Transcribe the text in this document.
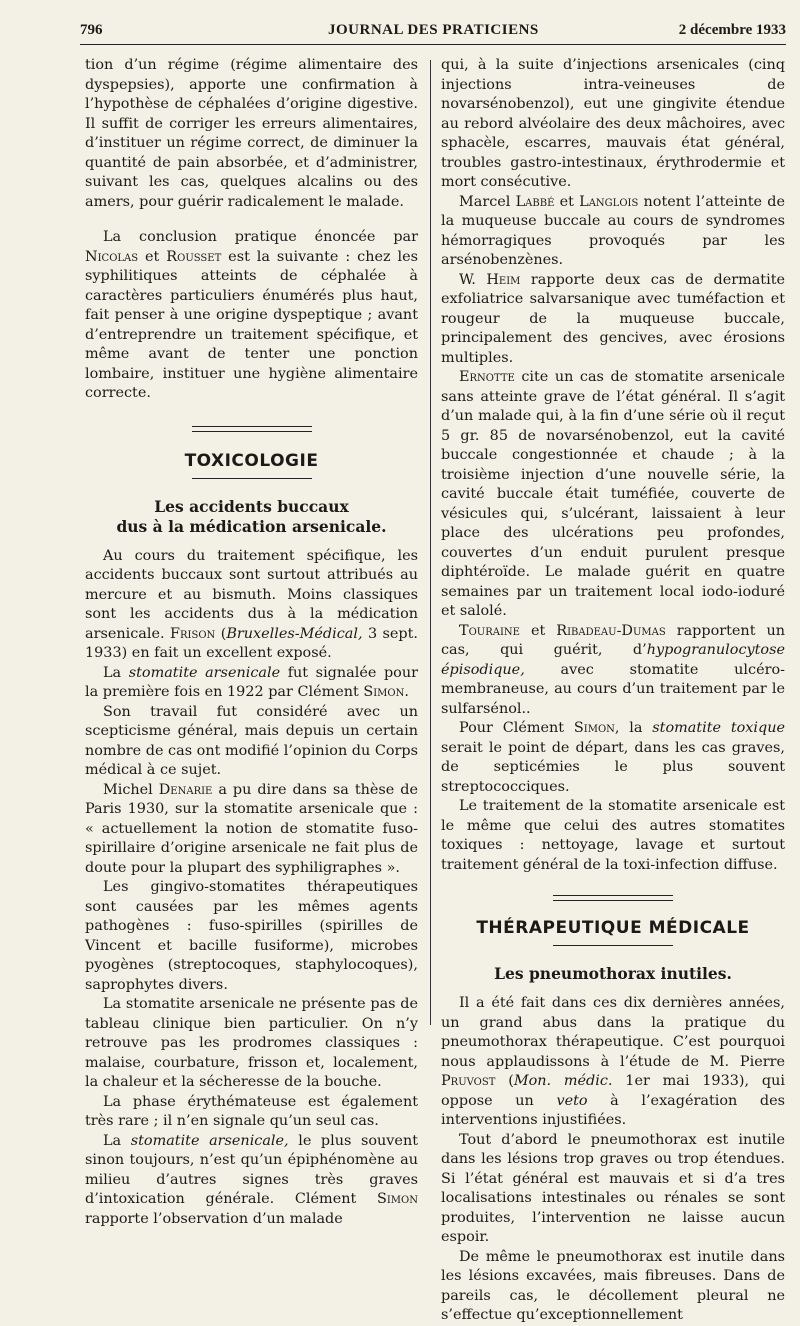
796	JOURNAL DES PRATICIENS	2 décembre 1933

tion d’un régime (régime alimentaire des dyspepsies), apporte une confirmation à l’hypothèse de céphalées d’origine digestive. Il suffit de corriger les erreurs alimentaires, d’instituer un régime correct, de diminuer la quantité de pain absorbée, et d’administrer, suivant les cas, quelques alcalins ou des amers, pour guérir radicalement le malade.

La conclusion pratique énoncée par Nicolas et Rousset est la suivante : chez les syphilitiques atteints de céphalée à caractères particuliers énumérés plus haut, fait penser à une origine dyspeptique ; avant d’entreprendre un traitement spécifique, et même avant de tenter une ponction lombaire, instituer une hygiène alimentaire correcte.

TOXICOLOGIE
Les accidents buccaux
dus à la médication arsenicale.

Au cours du traitement spécifique, les accidents buccaux sont surtout attribués au mercure et au bismuth. Moins classiques sont les accidents dus à la médication arsenicale. Frison (Bruxelles-Médical, 3 sept. 1933) en fait un excellent exposé.

La stomatite arsenicale fut signalée pour la première fois en 1922 par Clément Simon.

Son travail fut considéré avec un scepticisme général, mais depuis un certain nombre de cas ont modifié l’opinion du Corps médical à ce sujet.

Michel Denarie a pu dire dans sa thèse de Paris 1930, sur la stomatite arsenicale que : « actuellement la notion de stomatite fuso-spirillaire d’origine arsenicale ne fait plus de doute pour la plupart des syphiligraphes ».

Les gingivo-stomatites thérapeutiques sont causées par les mêmes agents pathogènes : fuso-spirilles (spirilles de Vincent et bacille fusiforme), microbes pyogènes (streptocoques, staphylocoques), saprophytes divers.

La stomatite arsenicale ne présente pas de tableau clinique bien particulier. On n’y retrouve pas les prodromes classiques : malaise, courbature, frisson et, localement, la chaleur et la sécheresse de la bouche.

La phase érythémateuse est également très rare ; il n’en signale qu’un seul cas.

La stomatite arsenicale, le plus souvent sinon toujours, n’est qu’un épiphénomène au milieu d’autres signes très graves d’intoxication générale. Clément Simon rapporte l’observation d’un malade

qui, à la suite d’injections arsenicales (cinq injections intra-veineuses de novarsénobenzol), eut une gingivite étendue au rebord alvéolaire des deux mâchoires, avec sphacèle, escarres, mauvais état général, troubles gastro-intestinaux, érythrodermie et mort consécutive.

Marcel Labbé et Langlois notent l’atteinte de la muqueuse buccale au cours de syndromes hémorragiques provoqués par les arsénobenzènes.

W. Heim rapporte deux cas de dermatite exfoliatrice salvarsanique avec tuméfaction et rougeur de la muqueuse buccale, principalement des gencives, avec érosions multiples.

Ernotte cite un cas de stomatite arsenicale sans atteinte grave de l’état général. Il s’agit d’un malade qui, à la fin d’une série où il reçut 5 gr. 85 de novarsénobenzol, eut la cavité buccale congestionnée et chaude ; à la troisième injection d’une nouvelle série, la cavité buccale était tuméfiée, couverte de vésicules qui, s’ulcérant, laissaient à leur place des ulcérations peu profondes, couvertes d’un enduit purulent presque diphtéroïde. Le malade guérit en quatre semaines par un traitement local iodo-ioduré et salolé.

Touraine et Ribadeau-Dumas rapportent un cas, qui guérit, d’hypogranulocytose épisodique, avec stomatite ulcéro-membraneuse, au cours d’un traitement par le sulfarsénol..

Pour Clément Simon, la stomatite toxique serait le point de départ, dans les cas graves, de septicémies le plus souvent streptococciques.

Le traitement de la stomatite arsenicale est le même que celui des autres stomatites toxiques : nettoyage, lavage et surtout traitement général de la toxi-infection diffuse.

THÉRAPEUTIQUE MÉDICALE
Les pneumothorax inutiles.

Il a été fait dans ces dix dernières années, un grand abus dans la pratique du pneumothorax thérapeutique. C’est pourquoi nous applaudissons à l’étude de M. Pierre Pruvost (Mon. médic. 1er mai 1933), qui oppose un veto à l’exagération des interventions injustifiées.

Tout d’abord le pneumothorax est inutile dans les lésions trop graves ou trop étendues. Si l’état général est mauvais et si d’a tres localisations intestinales ou rénales se sont produites, l’intervention ne laisse aucun espoir.

De même le pneumothorax est inutile dans les lésions excavées, mais fibreuses. Dans de pareils cas, le décollement pleural ne s’effectue qu’exceptionnellement
